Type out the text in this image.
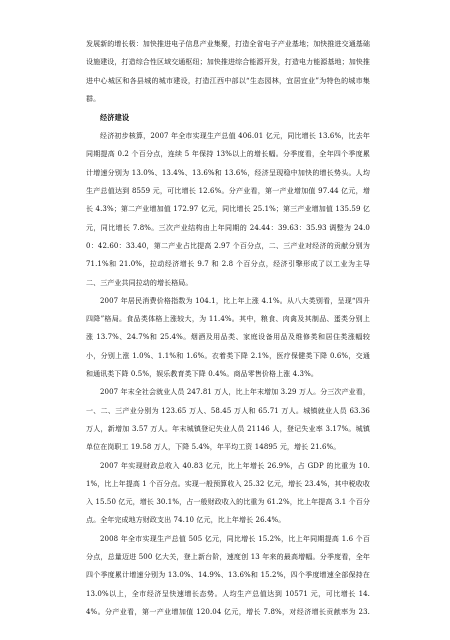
发展新的增长极：加快推进电子信息产业集聚，打造全省电子产业基地；加快推进交通基础设施建设，打造综合性区域交通枢纽；加快推进综合能源开发，打造电力能源基地；加快推进中心城区和各县城的城市建设，打造江西中部以“生态园林，宜居宜业”为特色的城市集群。

经济建设

经济初步核算，2007 年全市实现生产总值 406.01 亿元，同比增长 13.6%，比去年同期提高 0.2 个百分点，连续 5 年保持 13%以上的增长幅。分季度看，全年四个季度累计增速分别为 13.0%、13.4%、13.6%和 13.6%，经济呈现稳中加快的增长势头。人均生产总值达到 8559 元，可比增长 12.6%。分产业看，第一产业增加值 97.44 亿元，增长 4.3%；第二产业增加值 172.97 亿元，同比增长 25.1%；第三产业增加值 135.59 亿元，同比增长 7.8%。三次产业结构由上年同期的 24.44：39.63：35.93 调整为 24.00：42.60：33.40，第二产业占比提高 2.97 个百分点，二、三产业对经济的贡献分别为 71.1%和 21.0%，拉动经济增长 9.7 和 2.8 个百分点，经济引擎形成了以工业为主导二、三产业共同拉动的增长格局。

2007 年居民消费价格指数为 104.1，比上年上涨 4.1%。从八大类别看，呈现“四升四降”格局。食品类体格上涨较大，为 11.4%。其中，粮食、肉禽及其制品、蛋类分别上涨 13.7%、24.7%和 25.4%。烟酒及用品类、家庭设备用品及维修类和居住类涨幅较小，分别上涨 1.0%、1.1%和 1.6%。衣着类下降 2.1%，医疗保健类下降 0.6%，交通和通讯类下降 0.5%，娱乐教育类下降 0.4%。商品零售价格上涨 4.3%。

2007 年末全社会就业人员 247.81 万人，比上年末增加 3.29 万人。分三次产业看，一、二、三产业分别为 123.65 万人、58.45 万人和 65.71 万人。城镇就业人员 63.36 万人，新增加 3.57 万人。年末城镇登记失业人员 21146 人，登记失业率 3.17%。城镇单位在岗职工 19.58 万人，下降 5.4%，年平均工资 14895 元，增长 21.6%。

2007 年实现财政总收入 40.83 亿元，比上年增长 26.9%，占 GDP 的比重为 10.1%，比上年提高 1 个百分点。实现一般预算收入 25.32 亿元，增长 23.4%，其中税收收入 15.50 亿元，增长 30.1%，占一般财政收入的比重为 61.2%，比上年提高 3.1 个百分点。全年完成地方财政支出 74.10 亿元，比上年增长 26.4%。

2008 年全市实现生产总值 505 亿元，同比增长 15.2%，比上年同期提高 1.6 个百分点，总量迈进 500 亿大关，登上新台阶，速度创 13 年来的最高增幅。分季度看，全年四个季度累计增速分别为 13.0%、14.9%、13.6%和 15.2%，四个季度增速全部保持在 13.0%以上，全市经济呈快速增长态势。人均生产总值达到 10571 元，可比增长 14.4%。分产业看，第一产业增加值 120.04 亿元，增长 7.8%，对经济增长贡献率为 23.
